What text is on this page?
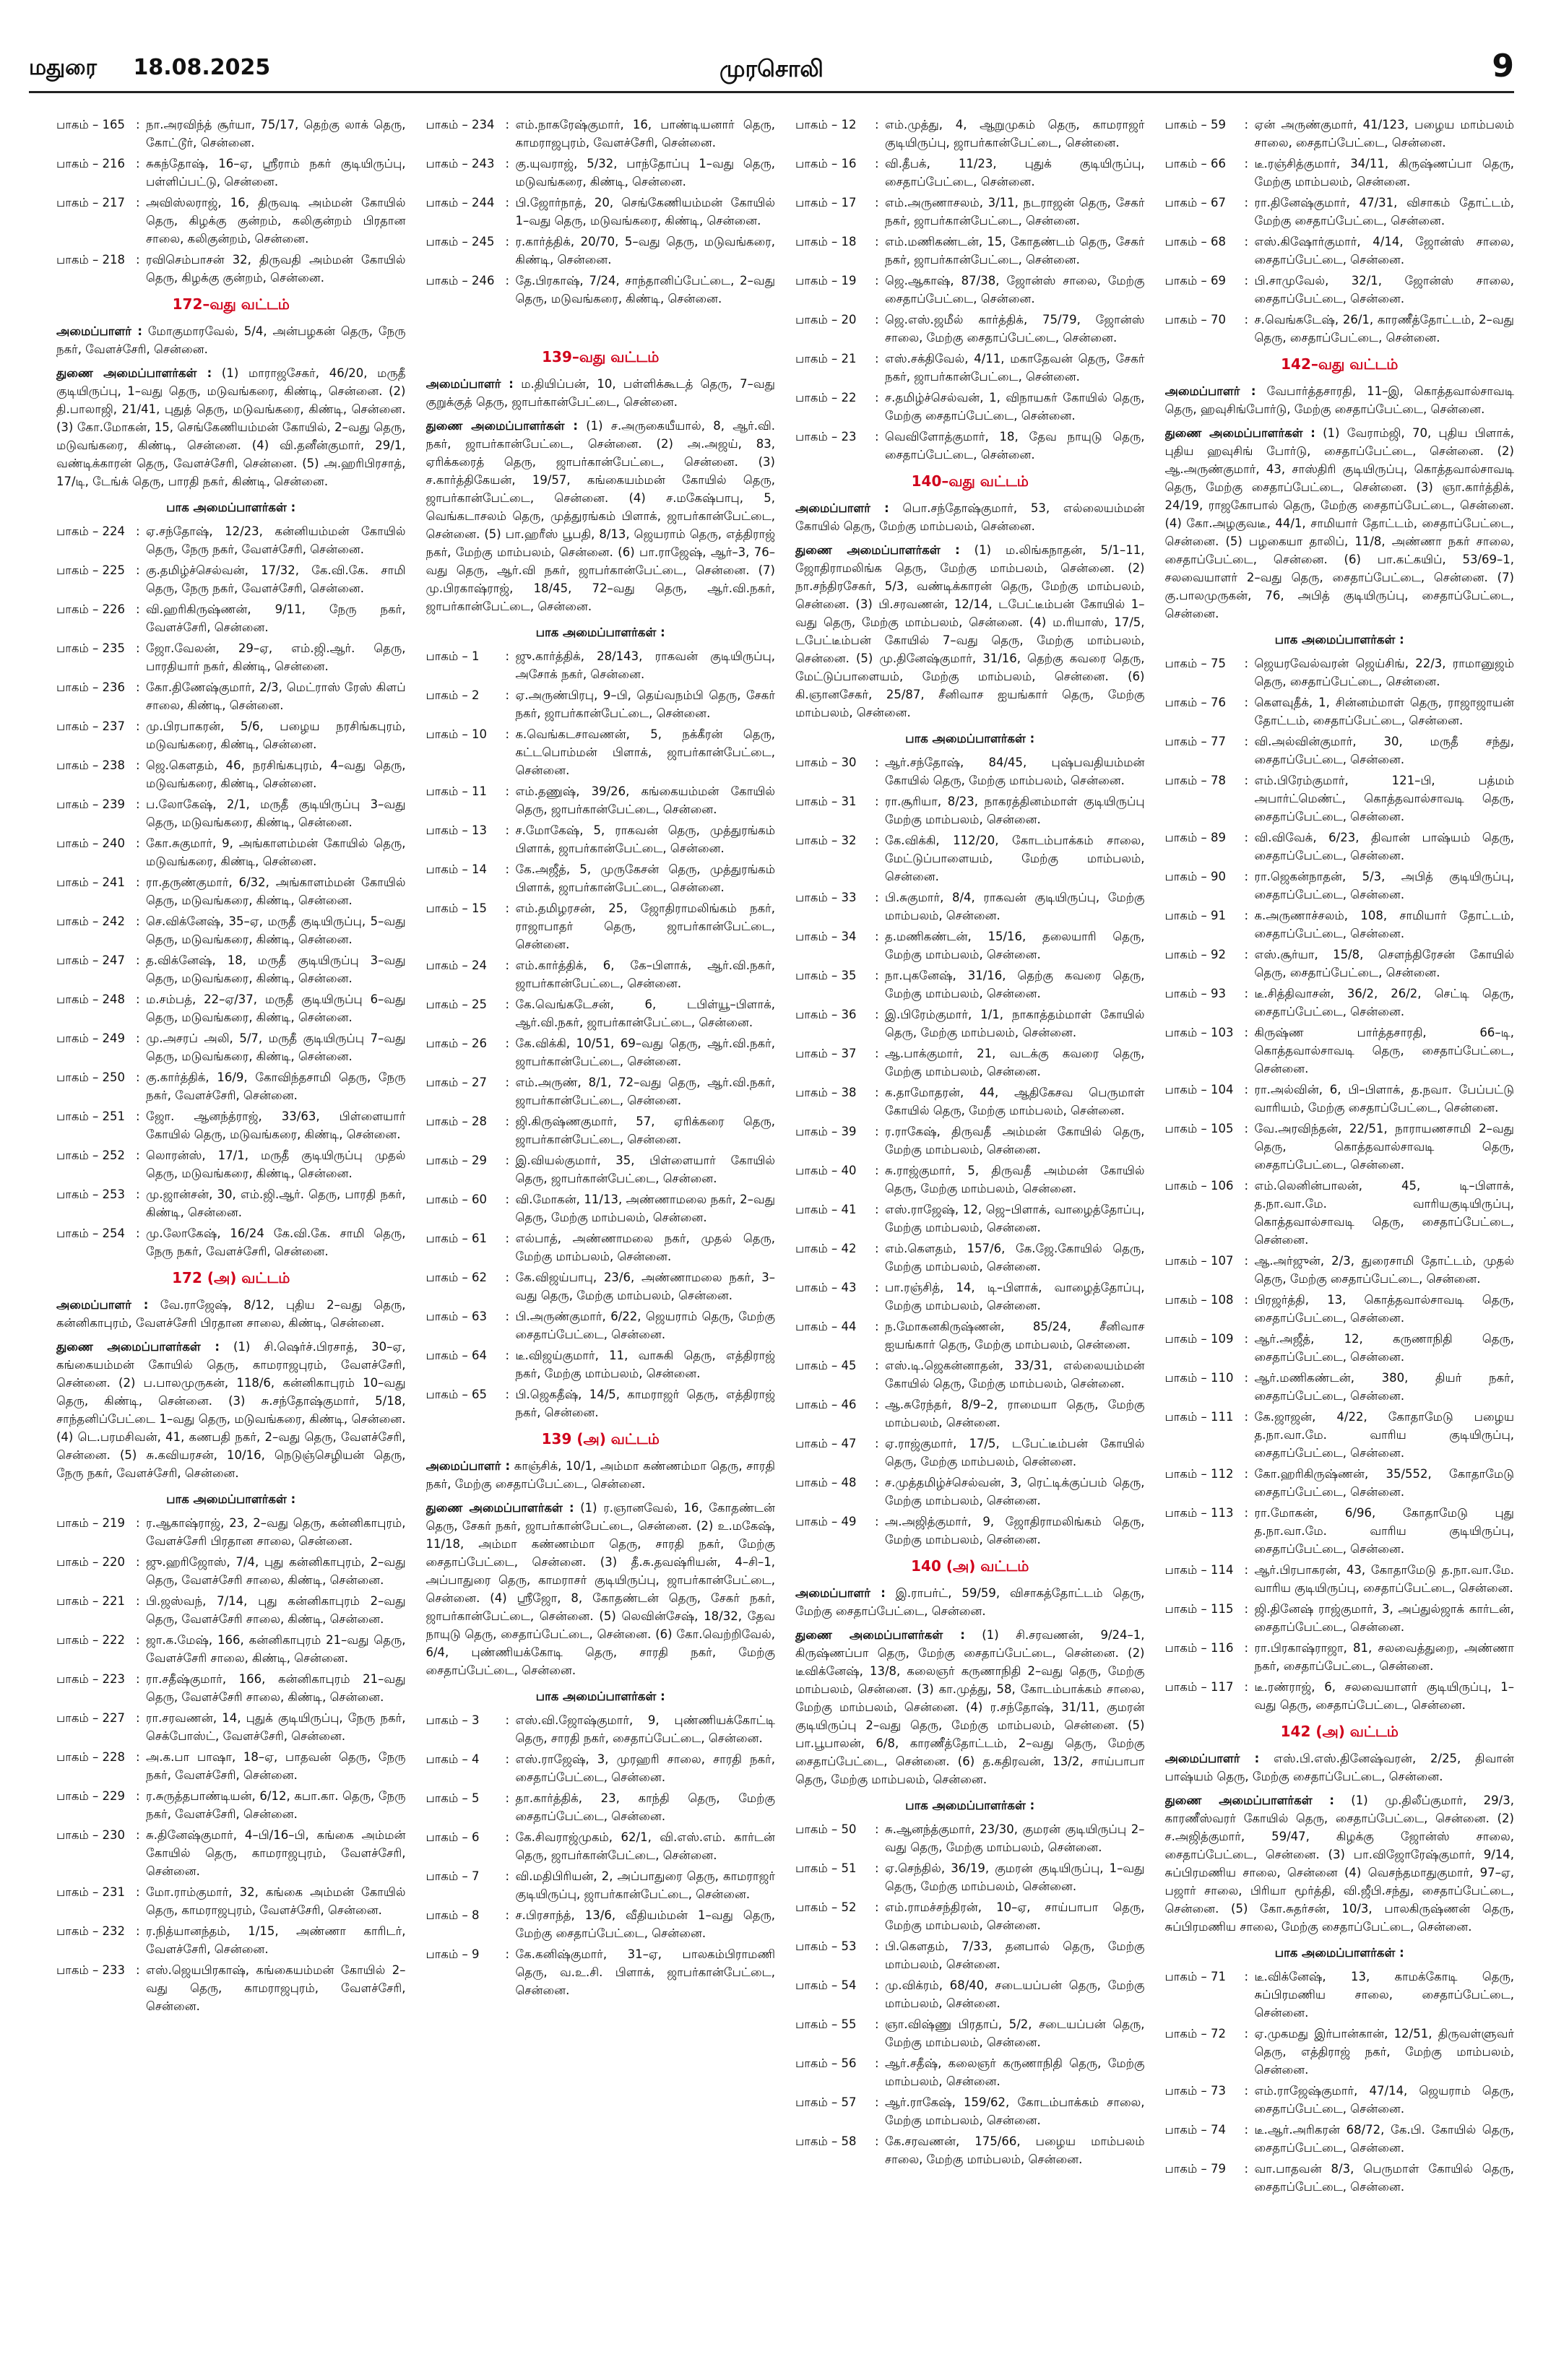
மதுரை 18.08.2025	முரசொலி	9
பாகம் – 165 : நா.அரவிந்த் சூர்யா, 75/17, தெற்கு லாக் தெரு, கோட்டூர், சென்னை.
பாகம் – 216 : சுகந்தோஷ், 16–ஏ, ஸ்ரீராம் நகர் குடியிருப்பு, பள்ளிப்பட்டு, சென்னை.
பாகம் – 217 : அவிஸ்லராஜ், 16, திருவடி அம்மன் கோயில் தெரு, கிழக்கு குன்றம், கலிகுன்றம் பிரதான சாலை, கலிகுன்றம், சென்னை.
பாகம் – 218 : ரவிசெம்பாசன் 32, திருவதி அம்மன் கோயில் தெரு, கிழக்கு குன்றம், சென்னை.
172–வது வட்டம்
அமைப்பாளர் : மோகுமாரவேல், 5/4, அன்பழகன் தெரு, நேரு நகர், வேளச்சேரி, சென்னை.
துணை அமைப்பாளர்கள் : (1) மாராஜசேகர், 46/20, மருதீ குடியிருப்பு, 1–வது தெரு, மடுவங்கரை, கிண்டி, சென்னை. (2) தி.பாலாஜி, 21/41, புதுத் தெரு, மடுவங்கரை, கிண்டி, சென்னை. (3) கோ.மோகன், 15, செங்கேணியம்மன் கோயில், 2–வது தெரு, மடுவங்கரை, கிண்டி, சென்னை. (4) வி.தனீன்குமார், 29/1, வண்டிக்காரன் தெரு, வேளச்சேரி, சென்னை. (5) அ.ஹரிபிரசாத், 17/டி, டேங்க் தெரு, பாரதி நகர், கிண்டி, சென்னை.
பாக அமைப்பாளர்கள் :
பாகம் – 224 : ஏ.சந்தோஷ், 12/23, கன்னியம்மன் கோயில் தெரு, நேரு நகர், வேளச்சேரி, சென்னை.
பாகம் – 225 : கு.தமிழ்ச்செல்வன், 17/32, கே.வி.கே. சாமி தெரு, நேரு நகர், வேளச்சேரி, சென்னை.
பாகம் – 226 : வி.ஹரிகிருஷ்ணன், 9/11, நேரு நகர், வேளச்சேரி, சென்னை.
பாகம் – 235 : ஜோ.வேலன், 29–ஏ, எம்.ஜி.ஆர். தெரு, பாரதியார் நகர், கிண்டி, சென்னை.
பாகம் – 236 : கோ.திணேஷ்குமார், 2/3, மெட்ராஸ் ரேஸ் கிளப் சாலை, கிண்டி, சென்னை.
பாகம் – 237 : மு.பிரபாகரன், 5/6, பழைய நரசிங்கபுரம், மடுவங்கரை, கிண்டி, சென்னை.
பாகம் – 238 : ஜெ.கௌதம், 46, நரசிங்கபுரம், 4–வது தெரு, மடுவங்கரை, கிண்டி, சென்னை.
பாகம் – 239 : ப.லோகேஷ், 2/1, மருதீ குடியிருப்பு 3–வது தெரு, மடுவங்கரை, கிண்டி, சென்னை.
பாகம் – 240 : கோ.சுகுமார், 9, அங்காளம்மன் கோயில் தெரு, மடுவங்கரை, கிண்டி, சென்னை.
பாகம் – 241 : ரா.தருண்குமார், 6/32, அங்காளம்மன் கோயில் தெரு, மடுவங்கரை, கிண்டி, சென்னை.
பாகம் – 242 : செ.விக்னேஷ், 35–ஏ, மருதீ குடியிருப்பு, 5–வது தெரு, மடுவங்கரை, கிண்டி, சென்னை.
பாகம் – 247 : த.விக்னேஷ், 18, மருதீ குடியிருப்பு 3–வது தெரு, மடுவங்கரை, கிண்டி, சென்னை.
பாகம் – 248 : ம.சம்பத், 22–ஏ/37, மருதீ குடியிருப்பு 6–வது தெரு, மடுவங்கரை, கிண்டி, சென்னை.
பாகம் – 249 : மு.அசரப் அலி, 5/7, மருதீ குடியிருப்பு 7–வது தெரு, மடுவங்கரை, கிண்டி, சென்னை.
பாகம் – 250 : கு.கார்த்திக், 16/9, கோவிந்தசாமி தெரு, நேரு நகர், வேளச்சேரி, சென்னை.
பாகம் – 251 : ஜோ. ஆனந்த்ராஜ், 33/63, பிள்ளையார் கோயில் தெரு, மடுவங்கரை, கிண்டி, சென்னை.
பாகம் – 252 : லொரன்ஸ், 17/1, மருதீ குடியிருப்பு முதல் தெரு, மடுவங்கரை, கிண்டி, சென்னை.
பாகம் – 253 : மு.ஜான்சன், 30, எம்.ஜி.ஆர். தெரு, பாரதி நகர், கிண்டி, சென்னை.
பாகம் – 254 : மு.லோகேஷ், 16/24 கே.வி.கே. சாமி தெரு, நேரு நகர், வேளச்சேரி, சென்னை.
172 (அ) வட்டம்
அமைப்பாளர் : வே.ராஜேஷ், 8/12, புதிய 2–வது தெரு, கன்னிகாபுரம், வேளச்சேரி பிரதான சாலை, கிண்டி, சென்னை.
துணை அமைப்பாளர்கள் : (1) சி.ஷெர்ச்.பிரசாத், 30–ஏ, கங்கையம்மன் கோயில் தெரு, காமராஜபுரம், வேளச்சேரி, சென்னை. (2) ப.பாலமுருகன், 118/6, கன்னிகாபுரம் 10–வது தெரு, கிண்டி, சென்னை. (3) சு.சந்தோஷ்குமார், 5/18, சாந்தனிப்பேட்டை 1–வது தெரு, மடுவங்கரை, கிண்டி, சென்னை. (4) டெ.பரமசிவன், 41, கணபதி நகர், 2–வது தெரு, வேளச்சேரி, சென்னை. (5) சு.கவியரசன், 10/16, நெடுஞ்செழியன் தெரு, நேரு நகர், வேளச்சேரி, சென்னை.
பாக அமைப்பாளர்கள் :
பாகம் – 219 : ர.ஆகாஷ்ராஜ், 23, 2–வது தெரு, கன்னிகாபுரம், வேளச்சேரி பிரதான சாலை, சென்னை.
பாகம் – 220 : ஜு.ஹரிஜோஸ், 7/4, புது கன்னிகாபுரம், 2–வது தெரு, வேளச்சேரி சாலை, கிண்டி, சென்னை.
பாகம் – 221 : பி.ஜஸ்வந், 7/14, புது கன்னிகாபுரம் 2–வது தெரு, வேளச்சேரி சாலை, கிண்டி, சென்னை.
பாகம் – 222 : ஜா.க.மேஷ், 166, கன்னிகாபுரம் 21–வது தெரு, வேளச்சேரி சாலை, கிண்டி, சென்னை.
பாகம் – 223 : ரா.சதீஷ்குமார், 166, கன்னிகாபுரம் 21–வது தெரு, வேளச்சேரி சாலை, கிண்டி, சென்னை.
பாகம் – 227 : ரா.சரவணன், 14, புதுக் குடியிருப்பு, நேரு நகர், செக்போஸ்ட், வேளச்சேரி, சென்னை.
பாகம் – 228 : அ.க.பா பாஷா, 18–ஏ, பாதவன் தெரு, நேரு நகர், வேளச்சேரி, சென்னை.
பாகம் – 229 : ர.சுருத்தபாண்டியன், 6/12, கபா.கா. தெரு, நேரு நகர், வேளச்சேரி, சென்னை.
பாகம் – 230 : சு.தினேஷ்குமார், 4–பி/16–பி, கங்கை அம்மன் கோயில் தெரு, காமராஜபுரம், வேளச்சேரி, சென்னை.
பாகம் – 231 : மோ.ராம்குமார், 32, கங்கை அம்மன் கோயில் தெரு, காமராஜபுரம், வேளச்சேரி, சென்னை.
பாகம் – 232 : ர.நித்யானந்தம், 1/15, அண்ணா காரிடர், வேளச்சேரி, சென்னை.
பாகம் – 233 : எஸ்.ஜெயபிரகாஷ், கங்கையம்மன் கோயில் 2–வது தெரு, காமராஜபுரம், வேளச்சேரி, சென்னை.
பாகம் – 234 : எம்.நாகரேஷ்குமார், 16, பாண்டியனார் தெரு, காமராஜபுரம், வேளச்சேரி, சென்னை.
பாகம் – 243 : கு.யுவராஜ், 5/32, பாந்தோப்பு 1–வது தெரு, மடுவங்கரை, கிண்டி, சென்னை.
பாகம் – 244 : பி.ஜோர்நாத், 20, செங்கேணியம்மன் கோயில் 1–வது தெரு, மடுவங்கரை, கிண்டி, சென்னை.
பாகம் – 245 : ர.கார்த்திக், 20/70, 5–வது தெரு, மடுவங்கரை, கிண்டி, சென்னை.
பாகம் – 246 : தே.பிரகாஷ், 7/24, சாந்தானிப்பேட்டை, 2–வது தெரு, மடுவங்கரை, கிண்டி, சென்னை.
139–வது வட்டம்
அமைப்பாளர் : ம.தியிப்பன், 10, பள்ளிக்கூடத் தெரு, 7–வது குறுக்குத் தெரு, ஜாபர்கான்பேட்டை, சென்னை.
துணை அமைப்பாளர்கள் : (1) ச.அருகையீயால், 8, ஆர்.வி. நகர், ஜாபர்கான்பேட்டை, சென்னை. (2) அ.அஜய், 83, ஏரிக்கரைத் தெரு, ஜாபர்கான்பேட்டை, சென்னை. (3) ச.கார்த்திகேயன், 19/57, கங்கையம்மன் கோயில் தெரு, ஜாபர்கான்பேட்டை, சென்னை. (4) ச.மகேஷ்பாபு, 5, வெங்கடாசலம் தெரு, முத்துரங்கம் பிளாக், ஜாபர்கான்பேட்டை, சென்னை. (5) பா.ஹரீஸ் பூபதி, 8/13, ஜெயராம் தெரு, எத்திராஜ் நகர், மேற்கு மாம்பலம், சென்னை. (6) பா.ராஜேஷ், ஆர்–3, 76–வது தெரு, ஆர்.வி நகர், ஜாபர்கான்பேட்டை, சென்னை. (7) மு.பிரகாஷ்ராஜ், 18/45, 72–வது தெரு, ஆர்.வி.நகர், ஜாபர்கான்பேட்டை, சென்னை.
பாக அமைப்பாளர்கள் :
பாகம் – 1	: ஜு.கார்த்திக், 28/143, ராகவன் குடியிருப்பு, அசோக் நகர், சென்னை.
பாகம் – 2	: ஏ.அருண்பிரபு, 9–பி, தெய்வநம்பி தெரு, சேகர் நகர், ஜாபர்கான்பேட்டை, சென்னை.
பாகம் – 10	: க.வெங்கடசாவணன், 5, நக்கீரன் தெரு, கட்டபொம்மன் பிளாக், ஜாபர்கான்பேட்டை, சென்னை.
பாகம் – 11	: எம்.தணுஷ், 39/26, கங்கையம்மன் கோயில் தெரு, ஜாபர்கான்பேட்டை, சென்னை.
பாகம் – 13	: ச.மோகேஷ், 5, ராகவன் தெரு, முத்துரங்கம் பிளாக், ஜாபர்கான்பேட்டை, சென்னை.
பாகம் – 14	: கே.அஜீத், 5, முருகேசன் தெரு, முத்துரங்கம் பிளாக், ஜாபர்கான்பேட்டை, சென்னை.
பாகம் – 15	: எம்.தமிழரசன், 25, ஜோதிராமலிங்கம் நகர், ராஜாபாதர் தெரு, ஜாபர்கான்பேட்டை, சென்னை.
பாகம் – 24	: எம்.கார்த்திக், 6, கே–பிளாக், ஆர்.வி.நகர், ஜாபர்கான்பேட்டை, சென்னை.
பாகம் – 25	: கே.வெங்கடேசன், 6, டபிள்யூ–பிளாக், ஆர்.வி.நகர், ஜாபர்கான்பேட்டை, சென்னை.
பாகம் – 26	: கே.விக்கி, 10/51, 69–வது தெரு, ஆர்.வி.நகர், ஜாபர்கான்பேட்டை, சென்னை.
பாகம் – 27	: எம்.அருண், 8/1, 72–வது தெரு, ஆர்.வி.நகர், ஜாபர்கான்பேட்டை, சென்னை.
பாகம் – 28	: ஜி.கிருஷ்ணகுமார், 57, ஏரிக்கரை தெரு, ஜாபர்கான்பேட்டை, சென்னை.
பாகம் – 29	: இ.வியல்குமார், 35, பிள்ளையார் கோயில் தெரு, ஜாபர்கான்பேட்டை, சென்னை.
பாகம் – 60	: வி.மோகன், 11/13, அண்ணாமலை நகர், 2–வது தெரு, மேற்கு மாம்பலம், சென்னை.
பாகம் – 61	: எல்பாத், அண்ணாமலை நகர், முதல் தெரு, மேற்கு மாம்பலம், சென்னை.
பாகம் – 62	: கே.விஜய்பாபு, 23/6, அண்ணாமலை நகர், 3–வது தெரு, மேற்கு மாம்பலம், சென்னை.
பாகம் – 63	: பி.அருண்குமார், 6/22, ஜெயராம் தெரு, மேற்கு சைதாப்பேட்டை, சென்னை.
பாகம் – 64	: டீ.விஜய்குமார், 11, வாசுகி தெரு, எத்திராஜ் நகர், மேற்கு மாம்பலம், சென்னை.
பாகம் – 65	: பி.ஜெகதீஷ், 14/5, காமராஜர் தெரு, எத்திராஜ் நகர், சென்னை.
139 (அ) வட்டம்
அமைப்பாளர் : காஞ்சிக், 10/1, அம்மா கண்ணம்மா தெரு, சாரதி நகர், மேற்கு சைதாப்பேட்டை, சென்னை.
துணை அமைப்பாளர்கள் : (1) ர.ஞானவேல், 16, கோதண்டன் தெரு, சேகர் நகர், ஜாபர்கான்பேட்டை, சென்னை. (2) உ.மகேஷ், 11/18, அம்மா கண்ணம்மா தெரு, சாரதி நகர், மேற்கு சைதாப்பேட்டை, சென்னை. (3) தீ.சு.தவஷ்ரியன், 4–சி–1, அப்பாதுரை தெரு, காமராசர் குடியிருப்பு, ஜாபர்கான்பேட்டை, சென்னை. (4) ஸ்ரீஜோ, 8, கோதண்டன் தெரு, சேகர் நகர், ஜாபர்கான்பேட்டை, சென்னை. (5) லெவின்சேஷ், 18/32, தேவ நாயுடு தெரு, சைதாப்பேட்டை, சென்னை. (6) கோ.வெற்றிவேல், 6/4, புண்ணியக்கோடி தெரு, சாரதி நகர், மேற்கு சைதாப்பேட்டை, சென்னை.
பாக அமைப்பாளர்கள் :
பாகம் – 3	: எஸ்.வி.ஜோஷ்குமார், 9, புண்ணியக்கோட்டி தெரு, சாரதி நகர், சைதாப்பேட்டை, சென்னை.
பாகம் – 4	: எஸ்.ராஜேஷ், 3, முரஹரி சாலை, சாரதி நகர், சைதாப்பேட்டை, சென்னை.
பாகம் – 5	: தா.கார்த்திக், 23, காந்தி தெரு, மேற்கு சைதாப்பேட்டை, சென்னை.
பாகம் – 6	: கே.சிவராஜ்முகம், 62/1, வி.எஸ்.எம். கார்டன் தெரு, ஜாபர்கான்பேட்டை, சென்னை.
பாகம் – 7	: வி.மதிபிரியன், 2, அப்பாதுரை தெரு, காமராஜர் குடியிருப்பு, ஜாபர்கான்பேட்டை, சென்னை.
பாகம் – 8	: ச.பிரசாந்த், 13/6, வீதியம்மன் 1–வது தெரு, மேற்கு சைதாப்பேட்டை, சென்னை.
பாகம் – 9	: கே.கனிஷ்குமார், 31–ஏ, பாலகம்பிராமணி தெரு, வ.உ.சி. பிளாக், ஜாபர்கான்பேட்டை, சென்னை.
பாகம் – 12	: எம்.முத்து, 4, ஆறுமுகம் தெரு, காமராஜர் குடியிருப்பு, ஜாபர்கான்பேட்டை, சென்னை.
பாகம் – 16	: வி.தீபக், 11/23, புதுக் குடியிருப்பு, சைதாப்பேட்டை, சென்னை.
பாகம் – 17	: எம்.அருணாசலம், 3/11, நடராஜன் தெரு, சேகர் நகர், ஜாபர்கான்பேட்டை, சென்னை.
பாகம் – 18	: எம்.மணிகண்டன், 15, கோதண்டம் தெரு, சேகர் நகர், ஜாபர்கான்பேட்டை, சென்னை.
பாகம் – 19	: ஜெ.ஆகாஷ், 87/38, ஜோன்ஸ் சாலை, மேற்கு சைதாப்பேட்டை, சென்னை.
பாகம் – 20	: ஜெ.எஸ்.ஜமீல் கார்த்திக், 75/79, ஜோன்ஸ் சாலை, மேற்கு சைதாப்பேட்டை, சென்னை.
பாகம் – 21	: எஸ்.சக்திவேல், 4/11, மகாதேவன் தெரு, சேகர் நகர், ஜாபர்கான்பேட்டை, சென்னை.
பாகம் – 22	: ச.தமிழ்ச்செல்வன், 1, விநாயகர் கோயில் தெரு, மேற்கு சைதாப்பேட்டை, சென்னை.
பாகம் – 23	: வெவிளோத்குமார், 18, தேவ நாயுடு தெரு, சைதாப்பேட்டை, சென்னை.
140–வது வட்டம்
அமைப்பாளர் : பொ.சந்தோஷ்குமார், 53, எல்லையம்மன் கோயில் தெரு, மேற்கு மாம்பலம், சென்னை.
துணை அமைப்பாளர்கள் : (1) ம.லிங்கநாதன், 5/1–11, ஜோதிராமலிங்க தெரு, மேற்கு மாம்பலம், சென்னை. (2) நா.சந்திரசேகர், 5/3, வண்டிக்காரன் தெரு, மேற்கு மாம்பலம், சென்னை. (3) பி.சரவணன், 12/14, டபேட்டீம்பன் கோயில் 1–வது தெரு, மேற்கு மாம்பலம், சென்னை. (4) ம.ரியாஸ், 17/5, டபேட்டீம்பன் கோயில் 7–வது தெரு, மேற்கு மாம்பலம், சென்னை. (5) மு.தினேஷ்குமார், 31/16, தெற்கு கவரை தெரு, மேட்டுப்பாளையம், மேற்கு மாம்பலம், சென்னை. (6) கி.ஞானசேகர், 25/87, சீனிவாச ஐயங்கார் தெரு, மேற்கு மாம்பலம், சென்னை.
பாக அமைப்பாளர்கள் :
பாகம் – 30	: ஆர்.சந்தோஷ், 84/45, புஷ்பவதியம்மன் கோயில் தெரு, மேற்கு மாம்பலம், சென்னை.
பாகம் – 31	: ரா.சூரியா, 8/23, நாகரத்தினம்மாள் குடியிருப்பு மேற்கு மாம்பலம், சென்னை.
பாகம் – 32	: கே.விக்கி, 112/20, கோடம்பாக்கம் சாலை, மேட்டுப்பாளையம், மேற்கு மாம்பலம், சென்னை.
பாகம் – 33	: பி.சுகுமார், 8/4, ராகவன் குடியிருப்பு, மேற்கு மாம்பலம், சென்னை.
பாகம் – 34	: த.மணிகண்டன், 15/16, தலையாரி தெரு, மேற்கு மாம்பலம், சென்னை.
பாகம் – 35	: நா.புகனேஷ், 31/16, தெற்கு கவரை தெரு, மேற்கு மாம்பலம், சென்னை.
பாகம் – 36	: இ.பிரேம்குமார், 1/1, நாகாத்தம்மாள் கோயில் தெரு, மேற்கு மாம்பலம், சென்னை.
பாகம் – 37	: ஆ.பாக்குமார், 21, வடக்கு கவரை தெரு, மேற்கு மாம்பலம், சென்னை.
பாகம் – 38	: க.தாமோதரன், 44, ஆதிகேசவ பெருமாள் கோயில் தெரு, மேற்கு மாம்பலம், சென்னை.
பாகம் – 39	: ர.ராகேஷ், திருவதீ அம்மன் கோயில் தெரு, மேற்கு மாம்பலம், சென்னை.
பாகம் – 40	: சு.ராஜ்குமார், 5, திருவதீ அம்மன் கோயில் தெரு, மேற்கு மாம்பலம், சென்னை.
பாகம் – 41	: எஸ்.ராஜேஷ், 12, ஜெ–பிளாக், வாழைத்தோப்பு, மேற்கு மாம்பலம், சென்னை.
பாகம் – 42	: எம்.கௌதம், 157/6, கே.ஜே.கோயில் தெரு, மேற்கு மாம்பலம், சென்னை.
பாகம் – 43	: பா.ரஞ்சித், 14, டி–பிளாக், வாழைத்தோப்பு, மேற்கு மாம்பலம், சென்னை.
பாகம் – 44	: ந.மோகனகிருஷ்ணன், 85/24, சீனிவாச ஐயங்கார் தெரு, மேற்கு மாம்பலம், சென்னை.
பாகம் – 45	: எஸ்.டி.ஜெகன்னாதன், 33/31, எல்லையம்மன் கோயில் தெரு, மேற்கு மாம்பலம், சென்னை.
பாகம் – 46	: ஆ.சுரேந்தர், 8/9–2, ராமையா தெரு, மேற்கு மாம்பலம், சென்னை.
பாகம் – 47	: ஏ.ராஜ்குமார், 17/5, டபேட்டீம்பன் கோயில் தெரு, மேற்கு மாம்பலம், சென்னை.
பாகம் – 48	: ச.முத்தமிழ்ச்செல்வன், 3, ரெட்டிக்குப்பம் தெரு, மேற்கு மாம்பலம், சென்னை.
பாகம் – 49	: அ.அஜித்குமார், 9, ஜோதிராமலிங்கம் தெரு, மேற்கு மாம்பலம், சென்னை.
140 (அ) வட்டம்
அமைப்பாளர் : இ.ராபர்ட், 59/59, விசாகத்தோட்டம் தெரு, மேற்கு சைதாப்பேட்டை, சென்னை.
துணை அமைப்பாளர்கள் : (1) சி.சரவணன், 9/24–1, கிருஷ்ணப்பா தெரு, மேற்கு சைதாப்பேட்டை, சென்னை. (2) டீவிக்னேஷ், 13/8, கலைஞர் கருணாநிதி 2–வது தெரு, மேற்கு மாம்பலம், சென்னை. (3) கா.முத்து, 58, கோடம்பாக்கம் சாலை, மேற்கு மாம்பலம், சென்னை. (4) ர.சந்தோஷ், 31/11, குமரன் குடியிருப்பு 2–வது தெரு, மேற்கு மாம்பலம், சென்னை. (5) பா.பூபாலன், 6/8, காரணீத்தோட்டம், 2–வது தெரு, மேற்கு சைதாப்பேட்டை, சென்னை. (6) த.கதிரவன், 13/2, சாய்பாபா தெரு, மேற்கு மாம்பலம், சென்னை.
பாக அமைப்பாளர்கள் :
பாகம் – 50	: சு.ஆனந்த்குமார், 23/30, குமரன் குடியிருப்பு 2–வது தெரு, மேற்கு மாம்பலம், சென்னை.
பாகம் – 51	: ஏ.செந்தில், 36/19, குமரன் குடியிருப்பு, 1–வது தெரு, மேற்கு மாம்பலம், சென்னை.
பாகம் – 52	: எம்.ராமச்சந்திரன், 10–ஏ, சாய்பாபா தெரு, மேற்கு மாம்பலம், சென்னை.
பாகம் – 53	: பி.கௌதம், 7/33, தனபால் தெரு, மேற்கு மாம்பலம், சென்னை.
பாகம் – 54	: மு.விக்ரம், 68/40, சடையப்பன் தெரு, மேற்கு மாம்பலம், சென்னை.
பாகம் – 55	: ஞா.விஷ்ணு பிரதாப், 5/2, சடையப்பன் தெரு, மேற்கு மாம்பலம், சென்னை.
பாகம் – 56	: ஆர்.சதீஷ், கலைஞர் கருணாநிதி தெரு, மேற்கு மாம்பலம், சென்னை.
பாகம் – 57	: ஆர்.ராகேஷ், 159/62, கோடம்பாக்கம் சாலை, மேற்கு மாம்பலம், சென்னை.
பாகம் – 58	: கே.சரவணன், 175/66, பழைய மாம்பலம் சாலை, மேற்கு மாம்பலம், சென்னை.
பாகம் – 59	: ஏன் அருண்குமார், 41/123, பழைய மாம்பலம் சாலை, சைதாப்பேட்டை, சென்னை.
பாகம் – 66	: டீ.ரஞ்சித்குமார், 34/11, கிருஷ்ணப்பா தெரு, மேற்கு மாம்பலம், சென்னை.
பாகம் – 67	: ரா.தினேஷ்குமார், 47/31, விசாகம் தோட்டம், மேற்கு சைதாப்பேட்டை, சென்னை.
பாகம் – 68	: எஸ்.கிஷோர்குமார், 4/14, ஜோன்ஸ் சாலை, சைதாப்பேட்டை, சென்னை.
பாகம் – 69	: பி.சாமுவேல், 32/1, ஜோன்ஸ் சாலை, சைதாப்பேட்டை, சென்னை.
பாகம் – 70	: ச.வெங்கடேஷ், 26/1, காரணீத்தோட்டம், 2–வது தெரு, சைதாப்பேட்டை, சென்னை.
142–வது வட்டம்
அமைப்பாளர் : வேபார்த்தசாரதி, 11–இ, கொத்தவால்சாவடி தெரு, ஹவுசிங்போர்டு, மேற்கு சைதாப்பேட்டை, சென்னை.
துணை அமைப்பாளர்கள் : (1) வேராம்ஜி, 70, புதிய பிளாக், புதிய ஹவுசிங் போர்டு, சைதாப்பேட்டை, சென்னை. (2) ஆ.அருண்குமார், 43, சாஸ்திரி குடியிருப்பு, கொத்தவால்சாவடி தெரு, மேற்கு சைதாப்பேட்டை, சென்னை. (3) ஞா.கார்த்திக், 24/19, ராஜகோபால் தெரு, மேற்கு சைதாப்பேட்டை, சென்னை. (4) கோ.அழகுவடீ, 44/1, சாமியார் தோட்டம், சைதாப்பேட்டை, சென்னை. (5) பழகையா தாலிப், 11/8, அண்ணா நகர் சாலை, சைதாப்பேட்டை, சென்னை. (6) பா.கட்கயிப், 53/69–1, சலவையாளர் 2–வது தெரு, சைதாப்பேட்டை, சென்னை. (7) கு.பாலமுருகன், 76, அபித் குடியிருப்பு, சைதாப்பேட்டை, சென்னை.
பாக அமைப்பாளர்கள் :
பாகம் – 75	: ஜெயரவேல்வரன் ஜெய்சிங், 22/3, ராமானுஜம் தெரு, சைதாப்பேட்டை, சென்னை.
பாகம் – 76	: கௌவுதீக், 1, சின்னம்மாள் தெரு, ராஜாஜாயன் தோட்டம், சைதாப்பேட்டை, சென்னை.
பாகம் – 77	: வி.அல்வின்குமார், 30, மருதீ சந்து, சைதாப்பேட்டை, சென்னை.
பாகம் – 78	: எம்.பிரேம்குமார், 121–பி, பத்மம் அபார்ட்மெண்ட், கொத்தவால்சாவடி தெரு, சைதாப்பேட்டை, சென்னை.
பாகம் – 89	: வி.விவேக், 6/23, திவான் பாஷ்யம் தெரு, சைதாப்பேட்டை, சென்னை.
பாகம் – 90	: ரா.ஜெகன்நாதன், 5/3, அபித் குடியிருப்பு, சைதாப்பேட்டை, சென்னை.
பாகம் – 91	: க.அருணாச்சலம், 108, சாமியார் தோட்டம், சைதாப்பேட்டை, சென்னை.
பாகம் – 92	: எஸ்.சூர்யா, 15/8, சௌந்திரேசன் கோயில் தெரு, சைதாப்பேட்டை, சென்னை.
பாகம் – 93	: டீ.சித்திவாசன், 36/2, 26/2, செட்டி தெரு, சைதாப்பேட்டை, சென்னை.
பாகம் – 103 : கிருஷ்ண பார்த்தசாரதி, 66–டி, கொத்தவால்சாவடி தெரு, சைதாப்பேட்டை, சென்னை.
பாகம் – 104 : ரா.அல்வின், 6, பி–பிளாக், த.நவா. பேப்பட்டு வாரியம், மேற்கு சைதாப்பேட்டை, சென்னை.
பாகம் – 105 : வே.அரவிந்தன், 22/51, நாராயணசாமி 2–வது தெரு, கொத்தவால்சாவடி தெரு, சைதாப்பேட்டை, சென்னை.
பாகம் – 106 : எம்.லெனின்பாலன், 45, டி–பிளாக், த.நா.வா.மே. வாரியகுடியிருப்பு, கொத்தவால்சாவடி தெரு, சைதாப்பேட்டை, சென்னை.
பாகம் – 107 : ஆ.அர்ஜுன், 2/3, துரைசாமி தோட்டம், முதல் தெரு, மேற்கு சைதாப்பேட்டை, சென்னை.
பாகம் – 108 : பிரஜர்த்தி, 13, கொத்தவால்சாவடி தெரு, சைதாப்பேட்டை, சென்னை.
பாகம் – 109 : ஆர்.அஜீத், 12, கருணாநிதி தெரு, சைதாப்பேட்டை, சென்னை.
பாகம் – 110 : ஆர்.மணிகண்டன், 380, தியர் நகர், சைதாப்பேட்டை, சென்னை.
பாகம் – 111 : கே.ஜாஜன், 4/22, கோதாமேடு பழைய த.நா.வா.மே. வாரிய குடியிருப்பு, சைதாப்பேட்டை, சென்னை.
பாகம் – 112 : கோ.ஹரிகிருஷ்ணன், 35/552, கோதாமேடு சைதாப்பேட்டை, சென்னை.
பாகம் – 113 : ரா.மோகன், 6/96, கோதாமேடு புது த.நா.வா.மே. வாரிய குடியிருப்பு, சைதாப்பேட்டை, சென்னை.
பாகம் – 114 : ஆர்.பிரபாகரன், 43, கோதாமேடு த.நா.வா.மே. வாரிய குடியிருப்பு, சைதாப்பேட்டை, சென்னை.
பாகம் – 115 : ஜி.தினேஷ் ராஜ்குமார், 3, அப்துல்ஜாக் கார்டன், சைதாப்பேட்டை, சென்னை.
பாகம் – 116 : ரா.பிரகாஷ்ராஜா, 81, சலவைத்துறை, அண்ணா நகர், சைதாப்பேட்டை, சென்னை.
பாகம் – 117 : டீ.ரண்ராஜ், 6, சலவையாளர் குடியிருப்பு, 1–வது தெரு, சைதாப்பேட்டை, சென்னை.
142 (அ) வட்டம்
அமைப்பாளர் : எஸ்.பி.எஸ்.தினேஷ்வரன், 2/25, திவான் பாஷ்யம் தெரு, மேற்கு சைதாப்பேட்டை, சென்னை.
துணை அமைப்பாளர்கள் : (1) மு.திலீப்குமார், 29/3, காரணீஸ்வரர் கோயில் தெரு, சைதாப்பேட்டை, சென்னை. (2) ச.அஜித்குமார், 59/47, கிழக்கு ஜோன்ஸ் சாலை, சைதாப்பேட்டை, சென்னை. (3) பா.விஜோரேஷ்குமார், 9/14, சுப்பிரமணிய சாலை, சென்னை (4) வெசந்தமாதுகுமார், 97–ஏ, பஜார் சாலை, பிரியா மூர்த்தி, வி.ஜீபி.சந்து, சைதாப்பேட்டை, சென்னை. (5) கோ.சுதர்சன், 10/3, பாலகிருஷ்ணன் தெரு, சுப்பிரமணிய சாலை, மேற்கு சைதாப்பேட்டை, சென்னை.
பாக அமைப்பாளர்கள் :
பாகம் – 71	: டீ.விக்னேஷ், 13, காமக்கோடி தெரு, சுப்பிரமணிய சாலை, சைதாப்பேட்டை, சென்னை.
பாகம் – 72	: ஏ.முகமது இர்பான்கான், 12/51, திருவள்ளுவர் தெரு, எத்திராஜ் நகர், மேற்கு மாம்பலம், சென்னை.
பாகம் – 73	: எம்.ராஜேஷ்குமார், 47/14, ஜெயராம் தெரு, சைதாப்பேட்டை, சென்னை.
பாகம் – 74	: டீ.ஆர்.அரிகரன் 68/72, கே.பி. கோயில் தெரு, சைதாப்பேட்டை, சென்னை.
பாகம் – 79	: வா.பாதவன் 8/3, பெருமாள் கோயில் தெரு, சைதாப்பேட்டை, சென்னை.
